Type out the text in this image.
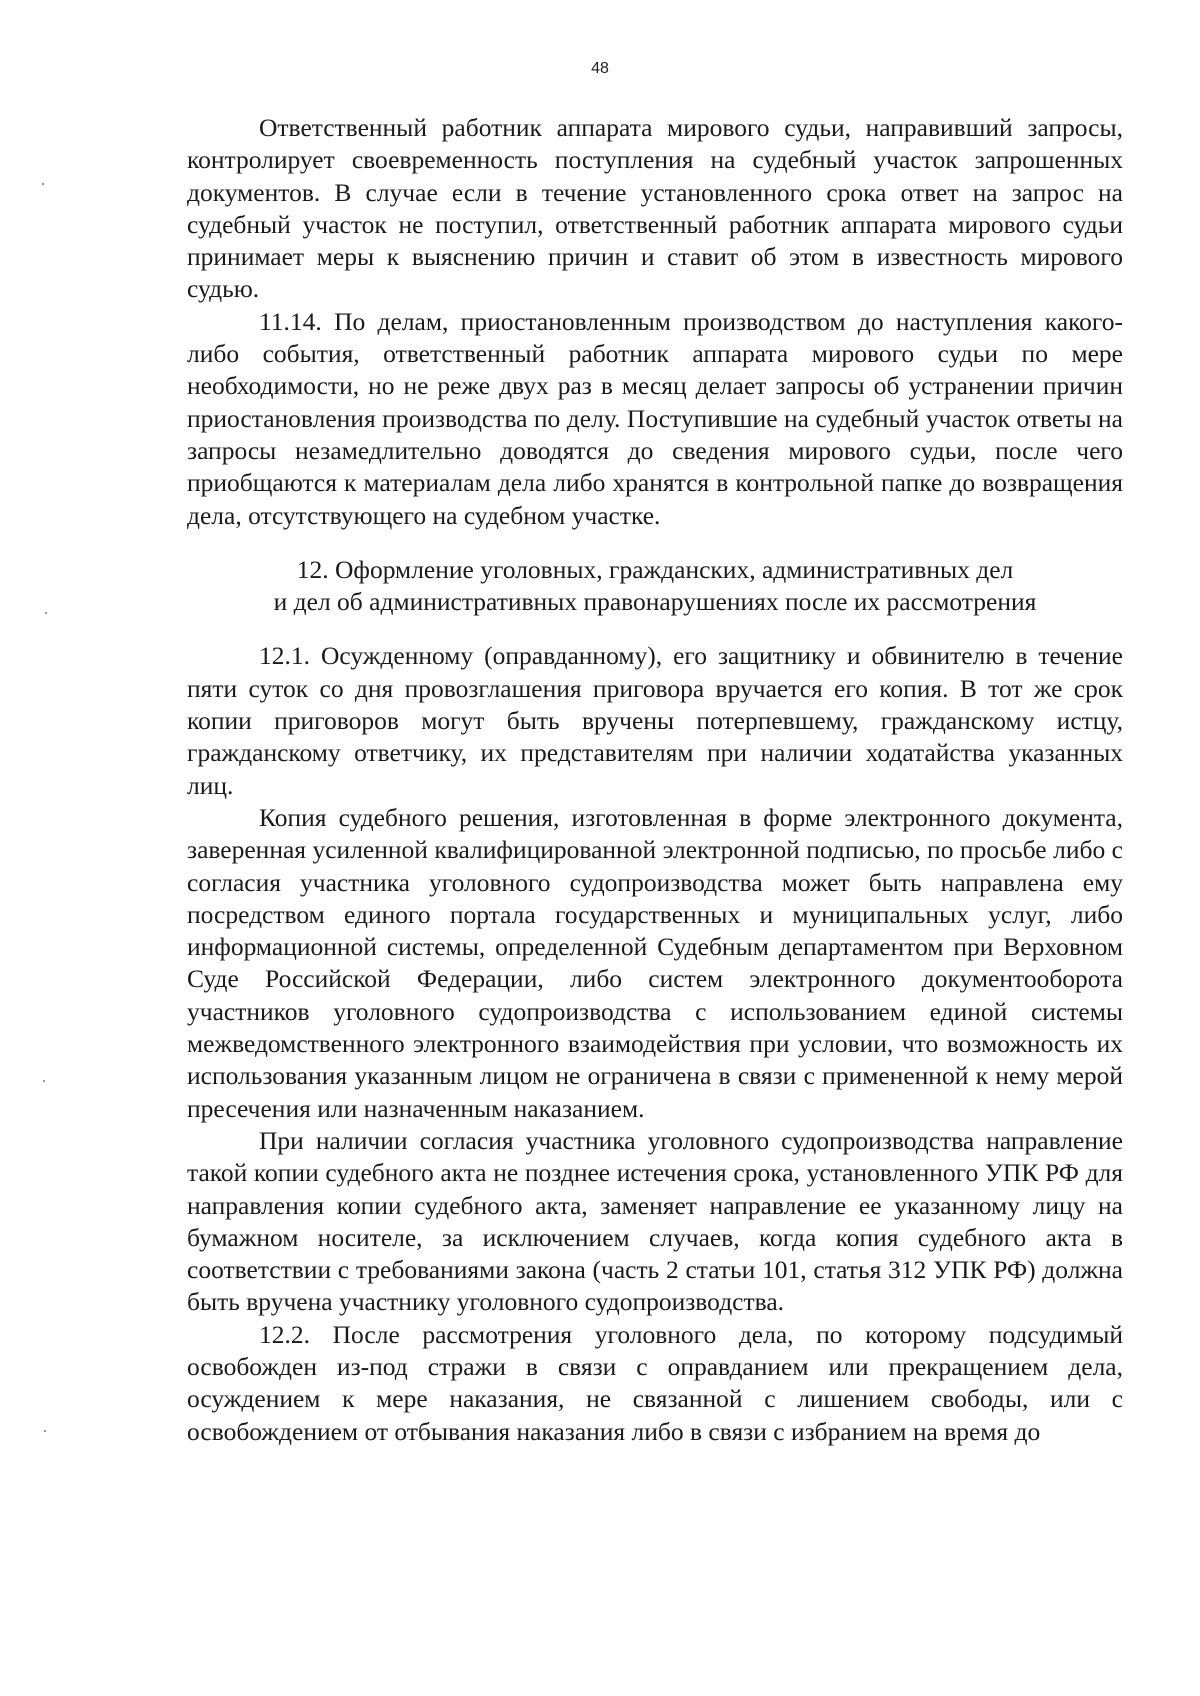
48

Ответственный работник аппарата мирового судьи, направивший запросы, контролирует своевременность поступления на судебный участок запрошенных документов. В случае если в течение установленного срока ответ на запрос на судебный участок не поступил, ответственный работник аппарата мирового судьи принимает меры к выяснению причин и ставит об этом в известность мирового судью.

11.14. По делам, приостановленным производством до наступления какого-либо события, ответственный работник аппарата мирового судьи по мере необходимости, но не реже двух раз в месяц делает запросы об устранении причин приостановления производства по делу. Поступившие на судебный участок ответы на запросы незамедлительно доводятся до сведения мирового судьи, после чего приобщаются к материалам дела либо хранятся в контрольной папке до возвращения дела, отсутствующего на судебном участке.

12. Оформление уголовных, гражданских, административных дел

и дел об административных правонарушениях после их рассмотрения

12.1. Осужденному (оправданному), его защитнику и обвинителю в течение пяти суток со дня провозглашения приговора вручается его копия. В тот же срок копии приговоров могут быть вручены потерпевшему, гражданскому истцу, гражданскому ответчику, их представителям при наличии ходатайства указанных лиц.

Копия судебного решения, изготовленная в форме электронного документа, заверенная усиленной квалифицированной электронной подписью, по просьбе либо с согласия участника уголовного судопроизводства может быть направлена ему посредством единого портала государственных и муниципальных услуг, либо информационной системы, определенной Судебным департаментом при Верховном Суде Российской Федерации, либо систем электронного документооборота участников уголовного судопроизводства с использованием единой системы межведомственного электронного взаимодействия при условии, что возможность их использования указанным лицом не ограничена в связи с примененной к нему мерой пресечения или назначенным наказанием.

При наличии согласия участника уголовного судопроизводства направление такой копии судебного акта не позднее истечения срока, установленного УПК РФ для направления копии судебного акта, заменяет направление ее указанному лицу на бумажном носителе, за исключением случаев, когда копия судебного акта в соответствии с требованиями закона (часть 2 статьи 101, статья 312 УПК РФ) должна быть вручена участнику уголовного судопроизводства.

12.2. После рассмотрения уголовного дела, по которому подсудимый освобожден из-под стражи в связи с оправданием или прекращением дела, осуждением к мере наказания, не связанной с лишением свободы, или с освобождением от отбывания наказания либо в связи с избранием на время до
